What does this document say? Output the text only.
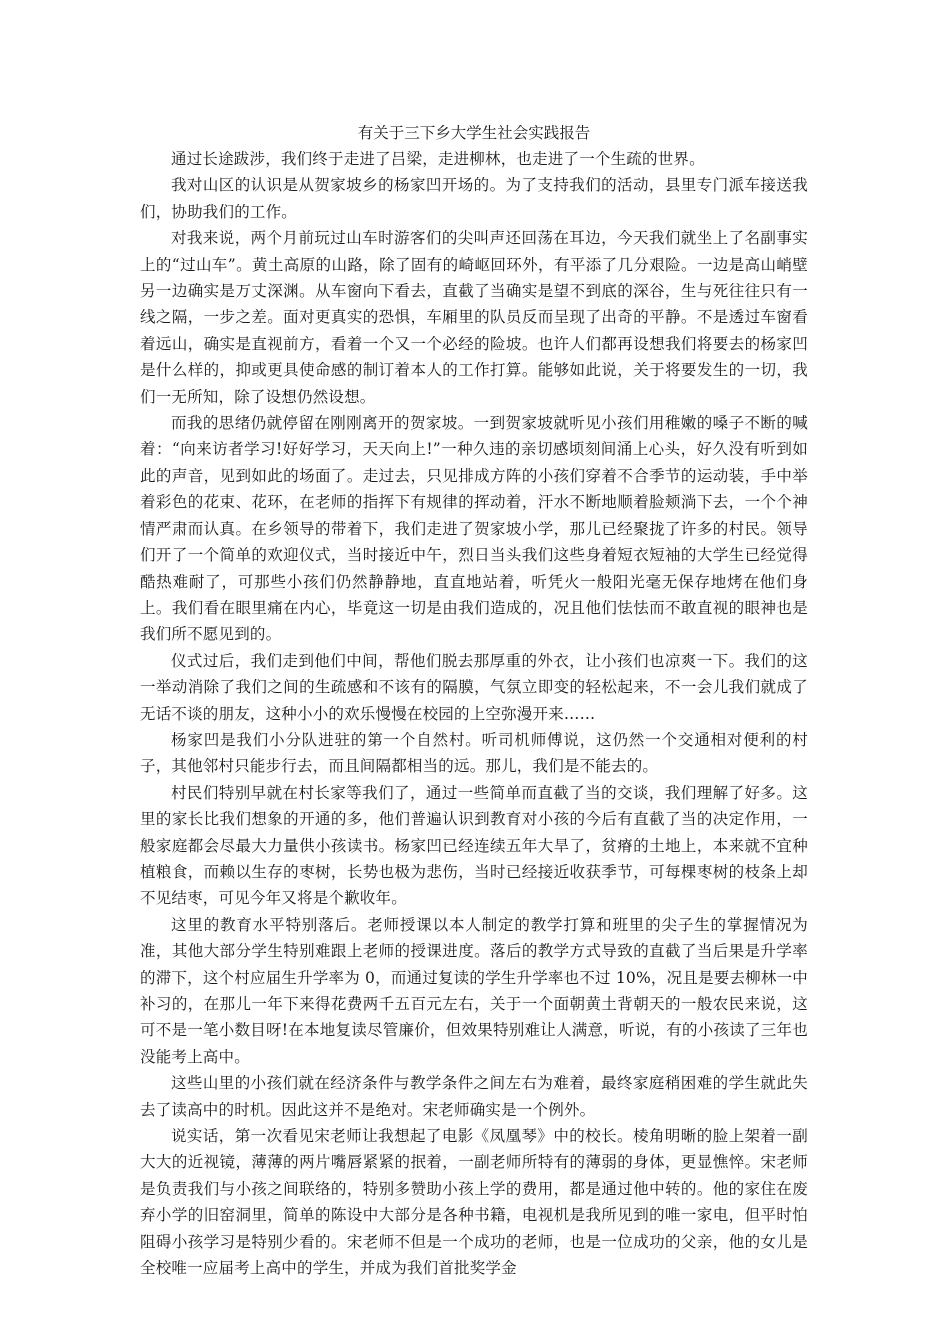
有关于三下乡大学生社会实践报告

通过长途跋涉，我们终于走进了吕梁，走进柳林，也走进了一个生疏的世界。

我对山区的认识是从贺家坡乡的杨家凹开场的。为了支持我们的活动，县里专门派车接送我们，协助我们的工作。

对我来说，两个月前玩过山车时游客们的尖叫声还回荡在耳边，今天我们就坐上了名副事实上的“过山车”。黄土高原的山路，除了固有的崎岖回环外，有平添了几分艰险。一边是高山峭壁另一边确实是万丈深渊。从车窗向下看去，直截了当确实是望不到底的深谷，生与死往往只有一线之隔，一步之差。面对更真实的恐惧，车厢里的队员反而呈现了出奇的平静。不是透过车窗看着远山，确实是直视前方，看着一个又一个必经的险坡。也许人们都再设想我们将要去的杨家凹是什么样的，抑或更具使命感的制订着本人的工作打算。能够如此说，关于将要发生的一切，我们一无所知，除了设想仍然设想。

而我的思绪仍就停留在刚刚离开的贺家坡。一到贺家坡就听见小孩们用稚嫩的嗓子不断的喊着：“向来访者学习!好好学习，天天向上!”一种久违的亲切感顷刻间涌上心头，好久没有听到如此的声音，见到如此的场面了。走过去，只见排成方阵的小孩们穿着不合季节的运动装，手中举着彩色的花束、花环，在老师的指挥下有规律的挥动着，汗水不断地顺着脸颊淌下去，一个个神情严肃而认真。在乡领导的带着下，我们走进了贺家坡小学，那儿已经聚拢了许多的村民。领导们开了一个简单的欢迎仪式，当时接近中午，烈日当头我们这些身着短衣短袖的大学生已经觉得酷热难耐了，可那些小孩们仍然静静地，直直地站着，听凭火一般阳光毫无保存地烤在他们身上。我们看在眼里痛在内心，毕竟这一切是由我们造成的，况且他们怯怯而不敢直视的眼神也是我们所不愿见到的。

仪式过后，我们走到他们中间，帮他们脱去那厚重的外衣，让小孩们也凉爽一下。我们的这一举动消除了我们之间的生疏感和不该有的隔膜，气氛立即变的轻松起来，不一会儿我们就成了无话不谈的朋友，这种小小的欢乐慢慢在校园的上空弥漫开来……

杨家凹是我们小分队进驻的第一个自然村。听司机师傅说，这仍然一个交通相对便利的村子，其他邻村只能步行去，而且间隔都相当的远。那儿，我们是不能去的。

村民们特别早就在村长家等我们了，通过一些简单而直截了当的交谈，我们理解了好多。这里的家长比我们想象的开通的多，他们普遍认识到教育对小孩的今后有直截了当的决定作用，一般家庭都会尽最大力量供小孩读书。杨家凹已经连续五年大旱了，贫瘠的土地上，本来就不宜种植粮食，而赖以生存的枣树，长势也极为悲伤，当时已经接近收获季节，可每棵枣树的枝条上却不见结枣，可见今年又将是个歉收年。

这里的教育水平特别落后。老师授课以本人制定的教学打算和班里的尖子生的掌握情况为准，其他大部分学生特别难跟上老师的授课进度。落后的教学方式导致的直截了当后果是升学率的滞下，这个村应届生升学率为 0，而通过复读的学生升学率也不过 10%，况且是要去柳林一中补习的，在那儿一年下来得花费两千五百元左右，关于一个面朝黄土背朝天的一般农民来说，这可不是一笔小数目呀!在本地复读尽管廉价，但效果特别难让人满意，听说，有的小孩读了三年也没能考上高中。

这些山里的小孩们就在经济条件与教学条件之间左右为难着，最终家庭稍困难的学生就此失去了读高中的时机。因此这并不是绝对。宋老师确实是一个例外。

说实话，第一次看见宋老师让我想起了电影《凤凰琴》中的校长。棱角明晰的脸上架着一副大大的近视镜，薄薄的两片嘴唇紧紧的抿着，一副老师所特有的薄弱的身体，更显憔悴。宋老师是负责我们与小孩之间联络的，特别多赞助小孩上学的费用，都是通过他中转的。他的家住在废弃小学的旧窑洞里，简单的陈设中大部分是各种书籍，电视机是我所见到的唯一家电，但平时怕阻碍小孩学习是特别少看的。宋老师不但是一个成功的老师，也是一位成功的父亲，他的女儿是全校唯一应届考上高中的学生，并成为我们首批奖学金
